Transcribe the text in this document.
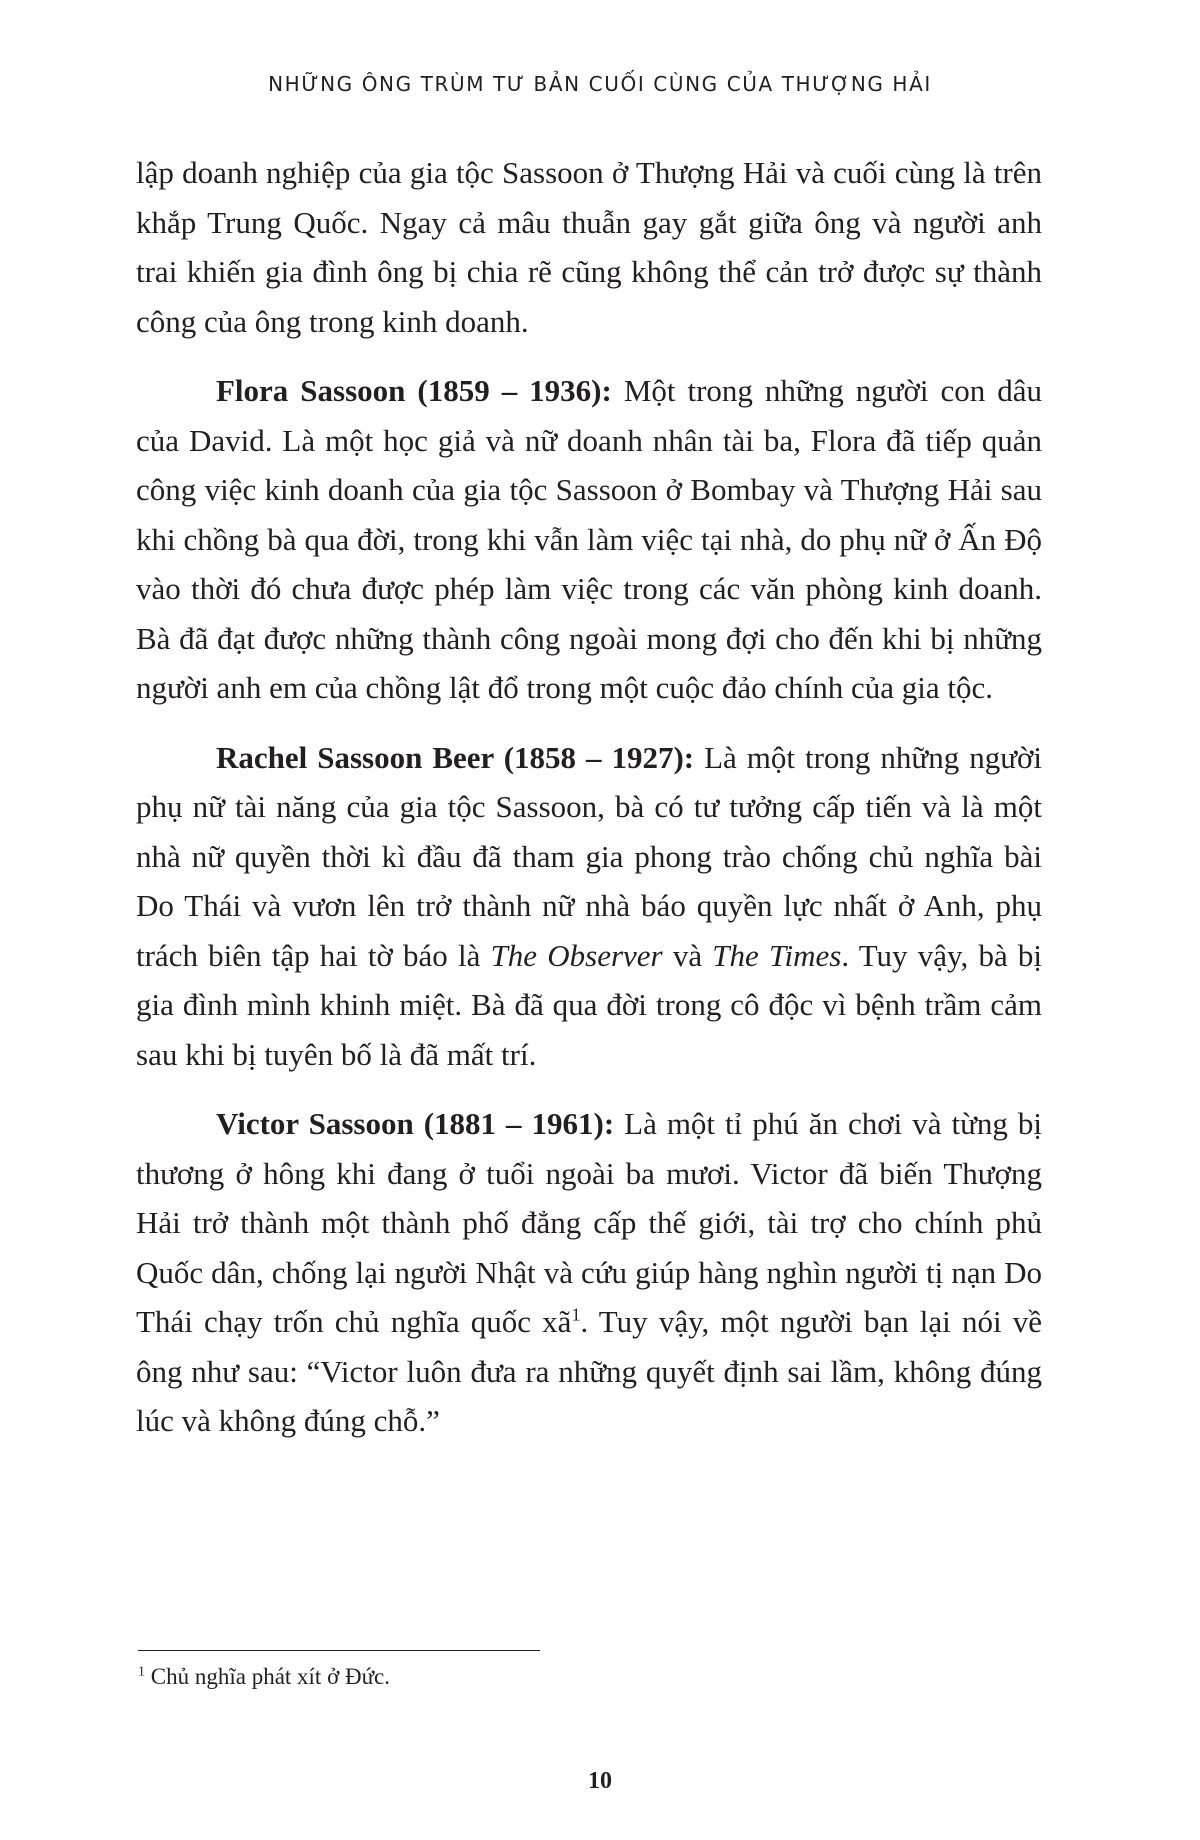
NHỮNG ÔNG TRÙM TƯ BẢN CUỐI CÙNG CỦA THƯỢNG HẢI

lập doanh nghiệp của gia tộc Sassoon ở Thượng Hải và cuối cùng là trên khắp Trung Quốc. Ngay cả mâu thuẫn gay gắt giữa ông và người anh trai khiến gia đình ông bị chia rẽ cũng không thể cản trở được sự thành công của ông trong kinh doanh.

Flora Sassoon (1859 – 1936): Một trong những người con dâu của David. Là một học giả và nữ doanh nhân tài ba, Flora đã tiếp quản công việc kinh doanh của gia tộc Sassoon ở Bombay và Thượng Hải sau khi chồng bà qua đời, trong khi vẫn làm việc tại nhà, do phụ nữ ở Ấn Độ vào thời đó chưa được phép làm việc trong các văn phòng kinh doanh. Bà đã đạt được những thành công ngoài mong đợi cho đến khi bị những người anh em của chồng lật đổ trong một cuộc đảo chính của gia tộc.

Rachel Sassoon Beer (1858 – 1927): Là một trong những người phụ nữ tài năng của gia tộc Sassoon, bà có tư tưởng cấp tiến và là một nhà nữ quyền thời kì đầu đã tham gia phong trào chống chủ nghĩa bài Do Thái và vươn lên trở thành nữ nhà báo quyền lực nhất ở Anh, phụ trách biên tập hai tờ báo là The Observer và The Times. Tuy vậy, bà bị gia đình mình khinh miệt. Bà đã qua đời trong cô độc vì bệnh trầm cảm sau khi bị tuyên bố là đã mất trí.

Victor Sassoon (1881 – 1961): Là một tỉ phú ăn chơi và từng bị thương ở hông khi đang ở tuổi ngoài ba mươi. Victor đã biến Thượng Hải trở thành một thành phố đẳng cấp thế giới, tài trợ cho chính phủ Quốc dân, chống lại người Nhật và cứu giúp hàng nghìn người tị nạn Do Thái chạy trốn chủ nghĩa quốc xã$^1$. Tuy vậy, một người bạn lại nói về ông như sau: “Victor luôn đưa ra những quyết định sai lầm, không đúng lúc và không đúng chỗ.”

$^1$ Chủ nghĩa phát xít ở Đức.
10
